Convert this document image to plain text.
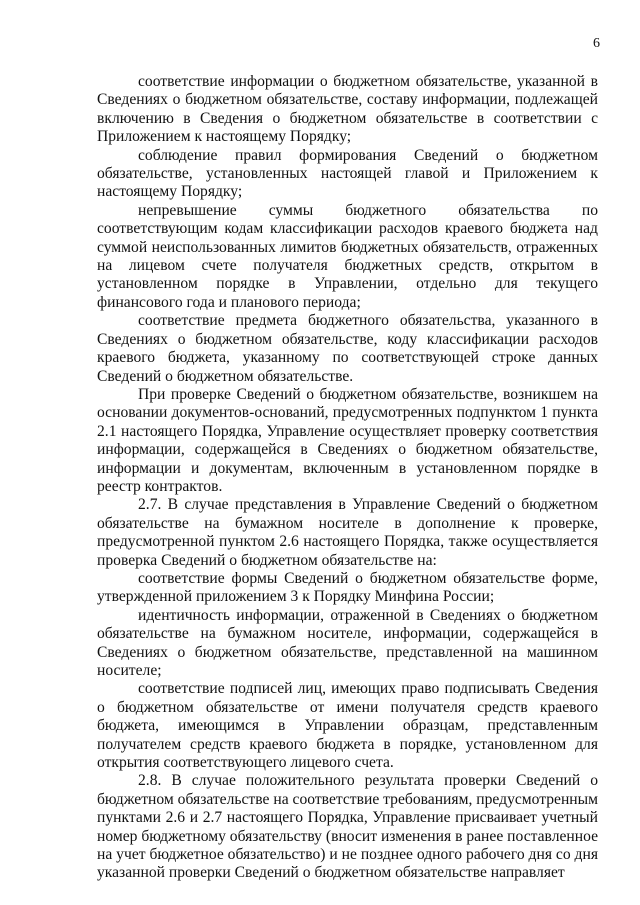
6

соответствие информации о бюджетном обязательстве, указанной в Сведениях о бюджетном обязательстве, составу информации, подлежащей включению в Сведения о бюджетном обязательстве в соответствии с Приложением к настоящему Порядку;

соблюдение правил формирования Сведений о бюджетном обязательстве, установленных настоящей главой и Приложением к настоящему Порядку;

непревышение суммы бюджетного обязательства по соответствующим кодам классификации расходов краевого бюджета над суммой неиспользованных лимитов бюджетных обязательств, отраженных на лицевом счете получателя бюджетных средств, открытом в установленном порядке в Управлении, отдельно для текущего финансового года и планового периода;

соответствие предмета бюджетного обязательства, указанного в Сведениях о бюджетном обязательстве, коду классификации расходов краевого бюджета, указанному по соответствующей строке данных Сведений о бюджетном обязательстве.

При проверке Сведений о бюджетном обязательстве, возникшем на основании документов-оснований, предусмотренных подпунктом 1 пункта 2.1 настоящего Порядка, Управление осуществляет проверку соответствия информации, содержащейся в Сведениях о бюджетном обязательстве, информации и документам, включенным в установленном порядке в реестр контрактов.

2.7. В случае представления в Управление Сведений о бюджетном обязательстве на бумажном носителе в дополнение к проверке, предусмотренной пунктом 2.6 настоящего Порядка, также осуществляется проверка Сведений о бюджетном обязательстве на:

соответствие формы Сведений о бюджетном обязательстве форме, утвержденной приложением 3 к Порядку Минфина России;

идентичность информации, отраженной в Сведениях о бюджетном обязательстве на бумажном носителе, информации, содержащейся в Сведениях о бюджетном обязательстве, представленной на машинном носителе;

соответствие подписей лиц, имеющих право подписывать Сведения о бюджетном обязательстве от имени получателя средств краевого бюджета, имеющимся в Управлении образцам, представленным получателем средств краевого бюджета в порядке, установленном для открытия соответствующего лицевого счета.

2.8. В случае положительного результата проверки Сведений о бюджетном обязательстве на соответствие требованиям, предусмотренным пунктами 2.6 и 2.7 настоящего Порядка, Управление присваивает учетный номер бюджетному обязательству (вносит изменения в ранее поставленное на учет бюджетное обязательство) и не позднее одного рабочего дня со дня указанной проверки Сведений о бюджетном обязательстве направляет
